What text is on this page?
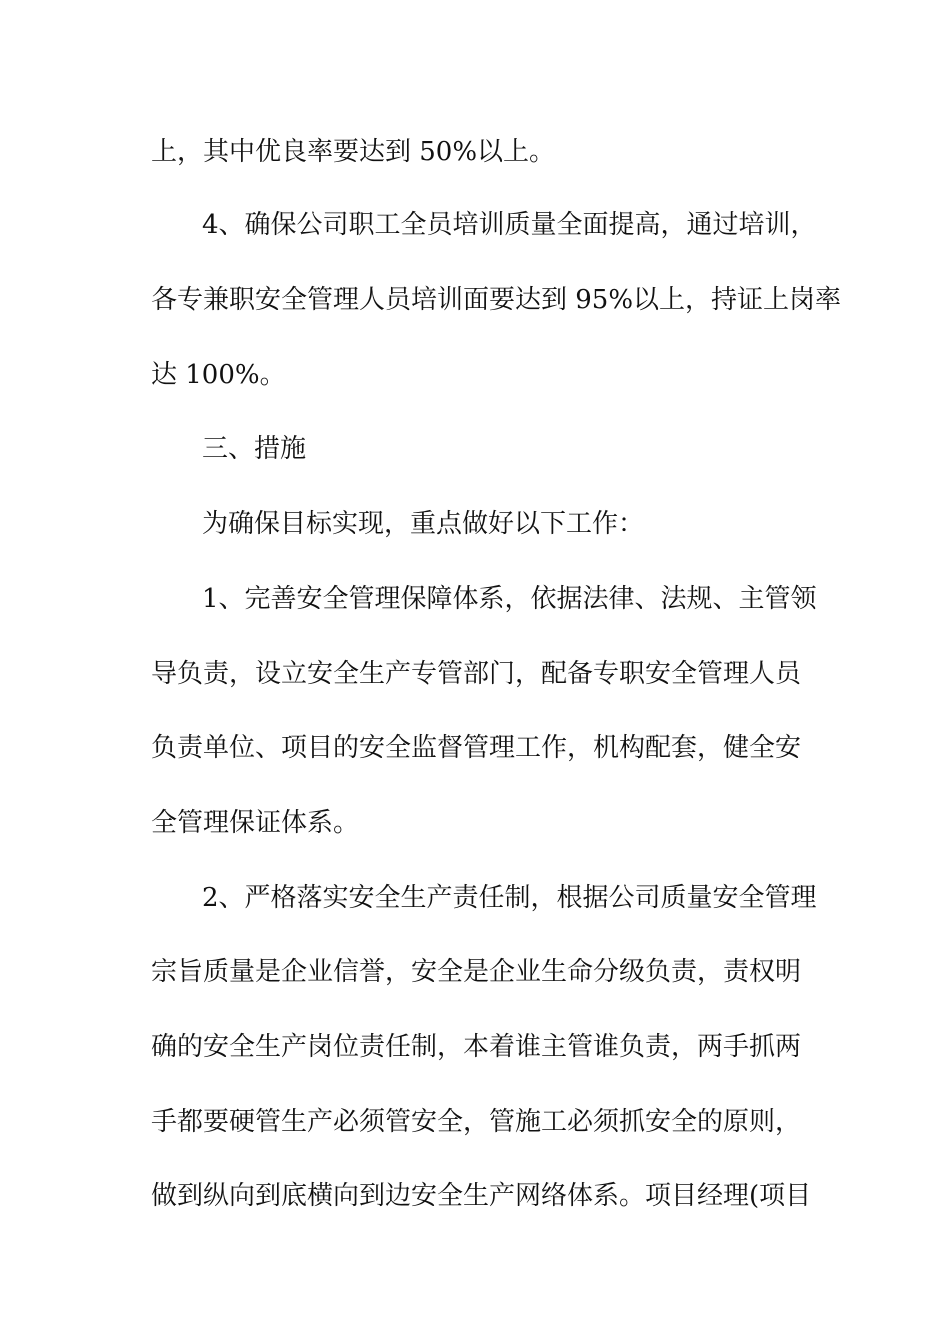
上，其中优良率要达到 50%以上。
4、确保公司职工全员培训质量全面提高，通过培训，
各专兼职安全管理人员培训面要达到 95%以上，持证上岗率
达 100%。
三、措施
为确保目标实现，重点做好以下工作：
1、完善安全管理保障体系，依据法律、法规、主管领
导负责，设立安全生产专管部门，配备专职安全管理人员
负责单位、项目的安全监督管理工作，机构配套，健全安
全管理保证体系。
2、严格落实安全生产责任制，根据公司质量安全管理
宗旨质量是企业信誉，安全是企业生命分级负责，责权明
确的安全生产岗位责任制，本着谁主管谁负责，两手抓两
手都要硬管生产必须管安全，管施工必须抓安全的原则，
做到纵向到底横向到边安全生产网络体系。项目经理(项目
